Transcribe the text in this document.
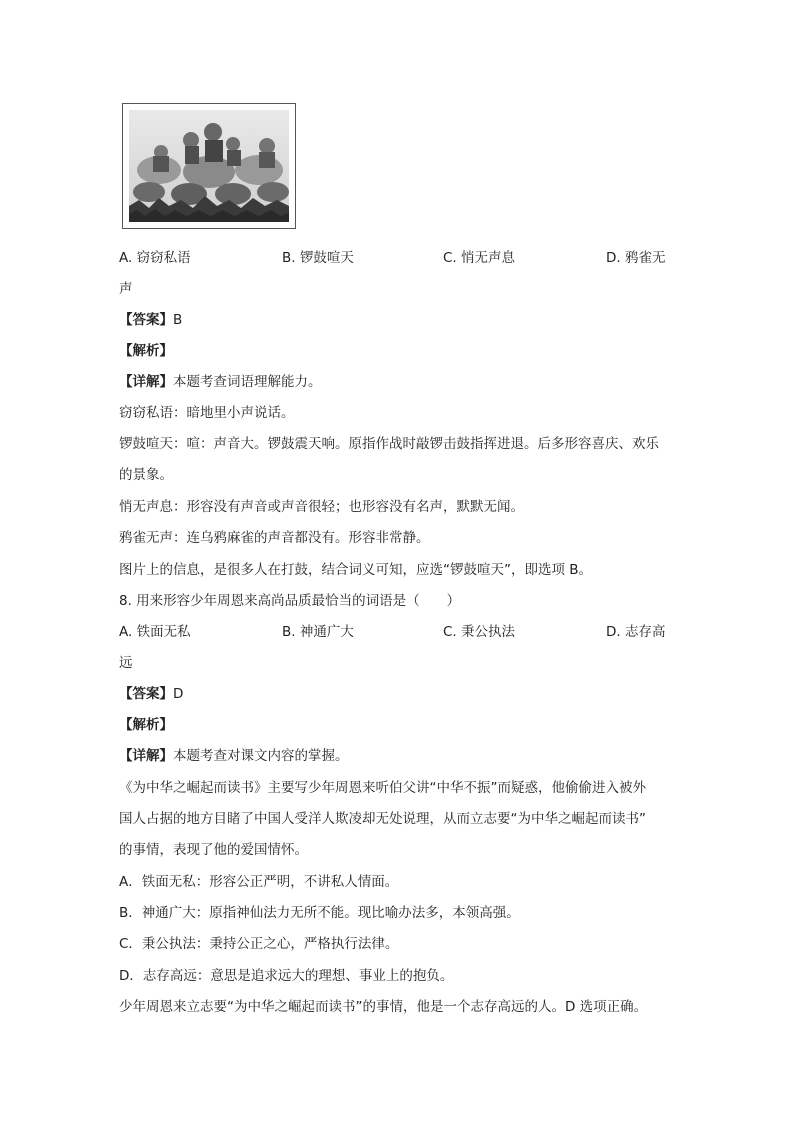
A. 窃窃私语	B. 锣鼓喧天	C. 悄无声息	D. 鸦雀无
声
【答案】B
【解析】
【详解】本题考查词语理解能力。
窃窃私语：暗地里小声说话。
锣鼓喧天：喧：声音大。锣鼓震天响。原指作战时敲锣击鼓指挥进退。后多形容喜庆、欢乐
的景象。
悄无声息：形容没有声音或声音很轻；也形容没有名声，默默无闻。
鸦雀无声：连乌鸦麻雀的声音都没有。形容非常静。
图片上的信息，是很多人在打鼓，结合词义可知，应选“锣鼓喧天”，即选项 B。
8. 用来形容少年周恩来高尚品质最恰当的词语是（　　）
A. 铁面无私	B. 神通广大	C. 秉公执法	D. 志存高
远
【答案】D
【解析】
【详解】本题考查对课文内容的掌握。
《为中华之崛起而读书》主要写少年周恩来听伯父讲“中华不振”而疑惑，他偷偷进入被外
国人占据的地方目睹了中国人受洋人欺凌却无处说理，从而立志要“为中华之崛起而读书”
的事情，表现了他的爱国情怀。
A．铁面无私：形容公正严明，不讲私人情面。
B．神通广大：原指神仙法力无所不能。现比喻办法多，本领高强。
C．秉公执法：秉持公正之心，严格执行法律。
D．志存高远：意思是追求远大的理想、事业上的抱负。
少年周恩来立志要“为中华之崛起而读书”的事情，他是一个志存高远的人。D 选项正确。
